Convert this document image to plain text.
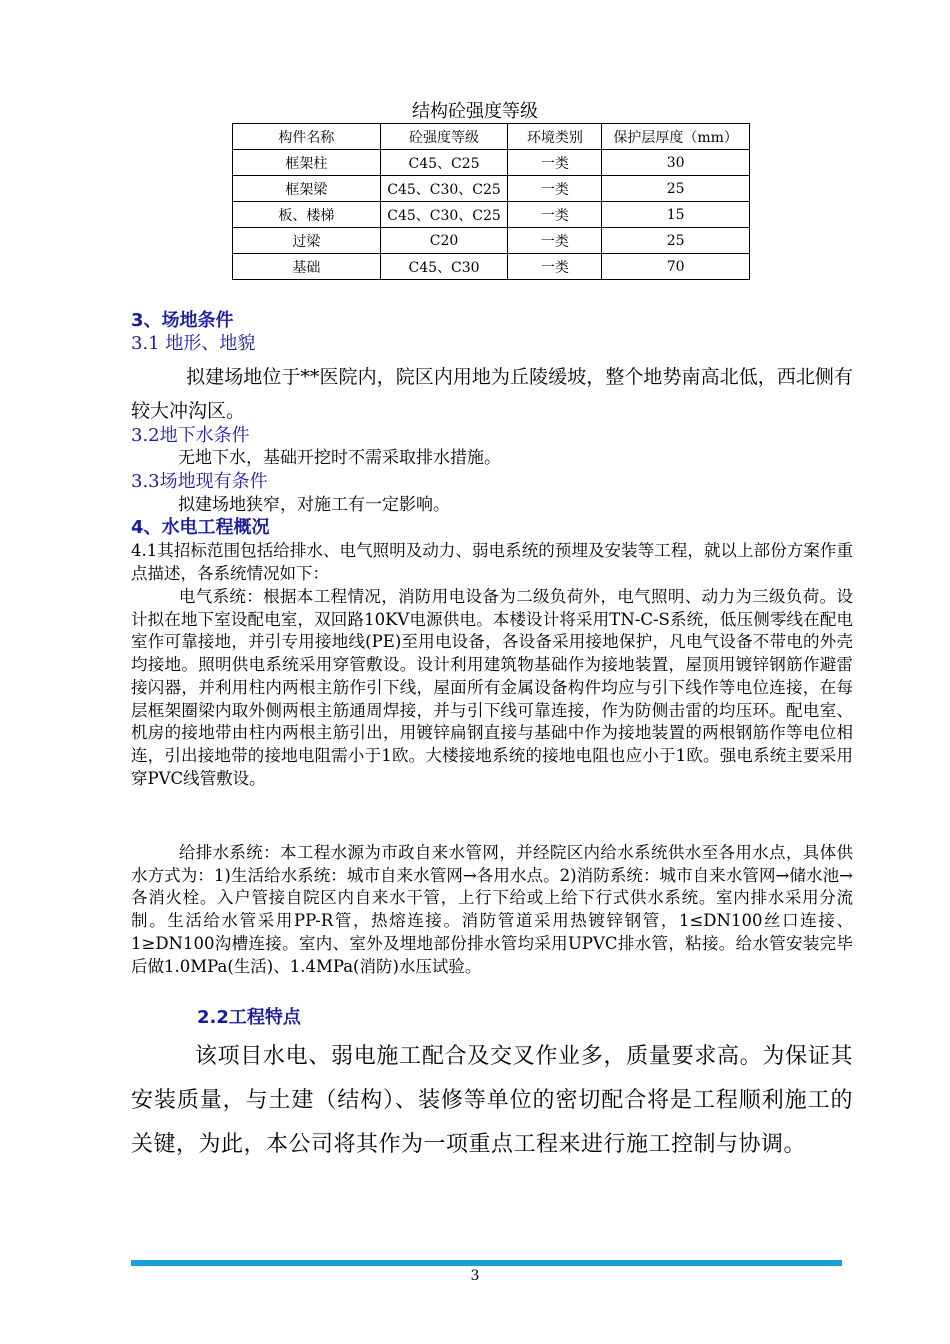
结构砼强度等级
构件名称	砼强度等级	环境类别	保护层厚度（mm）
框架柱	C45、C25	一类	30
框架梁	C45、C30、C25	一类	25
板、楼梯	C45、C30、C25	一类	15
过梁	C20	一类	25
基础	C45、C30	一类	70
3、场地条件
3.1 地形、地貌
拟建场地位于**医院内，院区内用地为丘陵缓坡，整个地势南高北低，西北侧有较大冲沟区。
3.2地下水条件
无地下水，基础开挖时不需采取排水措施。
3.3场地现有条件
拟建场地狭窄，对施工有一定影响。
4、水电工程概况
4.1其招标范围包括给排水、电气照明及动力、弱电系统的预埋及安装等工程，就以上部份方案作重点描述，各系统情况如下：
电气系统：根据本工程情况，消防用电设备为二级负荷外，电气照明、动力为三级负荷。设计拟在地下室设配电室，双回路10KV电源供电。本楼设计将采用TN-C-S系统，低压侧零线在配电室作可靠接地，并引专用接地线(PE)至用电设备，各设备采用接地保护，凡电气设备不带电的外壳均接地。照明供电系统采用穿管敷设。设计利用建筑物基础作为接地装置，屋顶用镀锌钢筋作避雷接闪器，并利用柱内两根主筋作引下线，屋面所有金属设备构件均应与引下线作等电位连接，在每层框架圈梁内取外侧两根主筋通周焊接，并与引下线可靠连接，作为防侧击雷的均压环。配电室、机房的接地带由柱内两根主筋引出，用镀锌扁钢直接与基础中作为接地装置的两根钢筋作等电位相连，引出接地带的接地电阻需小于1欧。大楼接地系统的接地电阻也应小于1欧。强电系统主要采用穿PVC线管敷设。
给排水系统：本工程水源为市政自来水管网，并经院区内给水系统供水至各用水点，具体供水方式为：1)生活给水系统：城市自来水管网→各用水点。2)消防系统：城市自来水管网→储水池→各消火栓。入户管接自院区内自来水干管，上行下给或上给下行式供水系统。室内排水采用分流制。生活给水管采用PP-R管，热熔连接。消防管道采用热镀锌钢管，1≤DN100丝口连接、1≥DN100沟槽连接。室内、室外及埋地部份排水管均采用UPVC排水管，粘接。给水管安装完毕后做1.0MPa(生活)、1.4MPa(消防)水压试验。
2.2工程特点
该项目水电、弱电施工配合及交叉作业多，质量要求高。为保证其安装质量，与土建（结构）、装修等单位的密切配合将是工程顺利施工的关键，为此，本公司将其作为一项重点工程来进行施工控制与协调。
3
